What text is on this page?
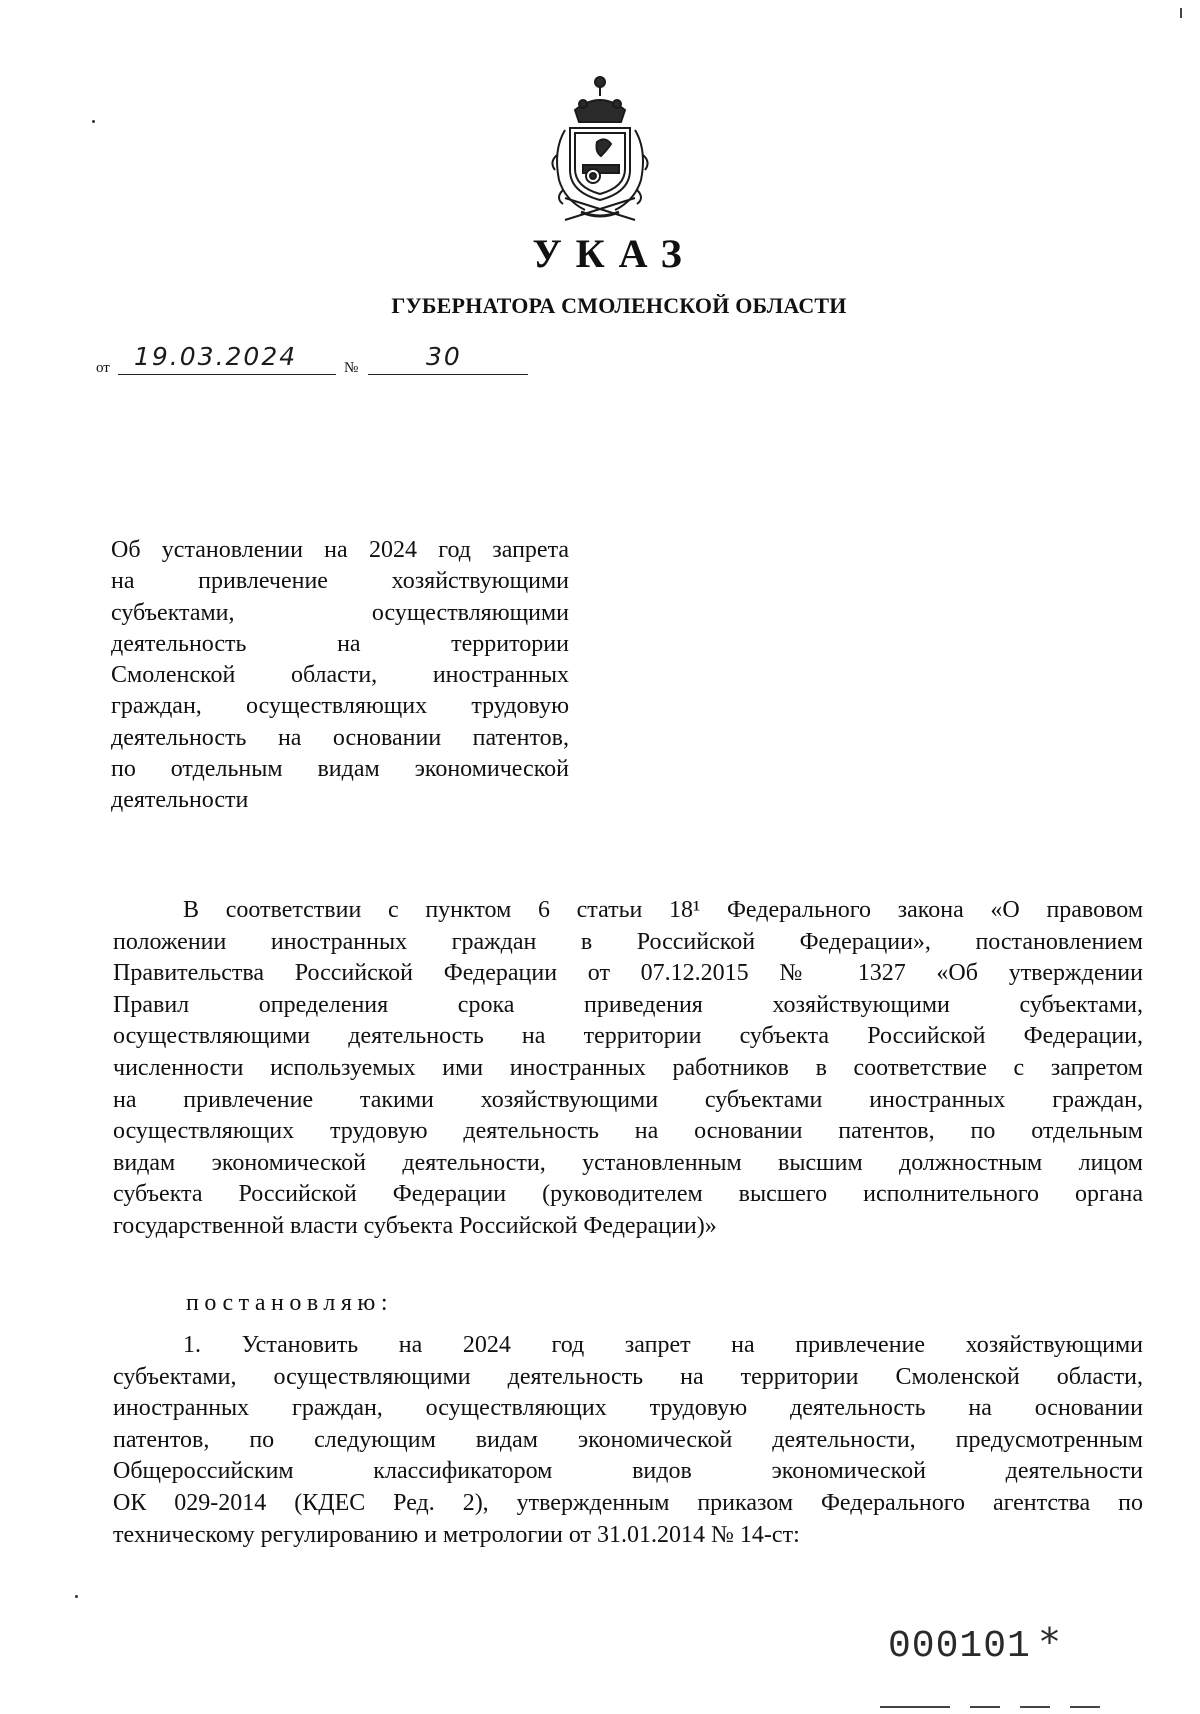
УКАЗ
ГУБЕРНАТОРА СМОЛЕНСКОЙ ОБЛАСТИ
от 19.03.2024	№	30
Об установлении на 2024 год запрета
на привлечение хозяйствующими
субъектами, осуществляющими
деятельность на территории
Смоленской области, иностранных
граждан, осуществляющих трудовую
деятельность на основании патентов,
по отдельным видам экономической
деятельности
В соответствии с пунктом 6 статьи 18¹ Федерального закона «О правовом
положении иностранных граждан в Российской Федерации», постановлением
Правительства Российской Федерации от 07.12.2015 № 1327 «Об утверждении
Правил определения срока приведения хозяйствующими субъектами,
осуществляющими деятельность на территории субъекта Российской Федерации,
численности используемых ими иностранных работников в соответствие с запретом
на привлечение такими хозяйствующими субъектами иностранных граждан,
осуществляющих трудовую деятельность на основании патентов, по отдельным
видам экономической деятельности, установленным высшим должностным лицом
субъекта Российской Федерации (руководителем высшего исполнительного органа
государственной власти субъекта Российской Федерации)»
постановляю:
1. Установить на 2024 год запрет на привлечение хозяйствующими
субъектами, осуществляющими деятельность на территории Смоленской области,
иностранных граждан, осуществляющих трудовую деятельность на основании
патентов, по следующим видам экономической деятельности, предусмотренным
Общероссийским классификатором видов экономической деятельности
ОК 029-2014 (КДЕС Ред. 2), утвержденным приказом Федерального агентства по
техническому регулированию и метрологии от 31.01.2014 № 14-ст:
000101 *
